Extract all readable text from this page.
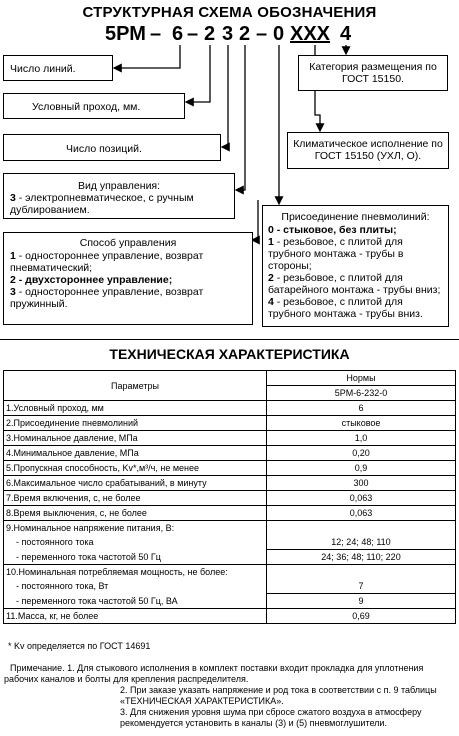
СТРУКТУРНАЯ СХЕМА ОБОЗНАЧЕНИЯ
5РМ – 6 – 2 3 2 – 0 XXX 4
Число линий.
Условный проход, мм.
Число позиций.
Вид управления:
3 - электропневматическое, с ручным дублированием.
Способ управления
1 - одностороннее управление, возврат пневматический;
2 - двухстороннее управление;
3 - одностороннее управление, возврат пружинный.
Категория размещения по ГОСТ 15150.
Климатическое исполнение по ГОСТ 15150 (УХЛ, О).
Присоединение пневмолиний:
0 - стыковое, без плиты;
1 - резьбовое, с плитой для трубного монтажа - трубы в стороны;
2 - резьбовое, с плитой для батарейного монтажа - трубы вниз;
4 - резьбовое, с плитой для трубного монтажа - трубы вниз.
ТЕХНИЧЕСКАЯ ХАРАКТЕРИСТИКА
Параметры	Нормы
	5РМ-6-232-0
1.Условный проход, мм	6
2.Присоединение пневмолиний	стыковое
3.Номинальное давление, МПа	1,0
4.Минимальное давление, МПа	0,20
5.Пропускная способность, Kv*,м³/ч, не менее	0,9
6.Максимальное число срабатываний, в минуту	300
7.Время включения, с, не более	0,063
8.Время выключения, с, не более	0,063
9.Номинальное напряжение питания, В:	
- постоянного тока	12; 24; 48; 110
- переменного тока частотой 50 Гц	24; 36; 48; 110; 220
10.Номинальная потребляемая мощность, не более:	
- постоянного тока, Вт	7
- переменного тока частотой 50 Гц, ВА	9
11.Масса, кг, не более	0,69
* Kv определяется по ГОСТ 14691
Примечание. 1. Для стыкового исполнения в комплект поставки входит прокладка для уплотнения рабочих каналов и болты для крепления распределителя.
2. При заказе указать напряжение и род тока в соответствии с п. 9 таблицы «ТЕХНИЧЕСКАЯ ХАРАКТЕРИСТИКА».
3. Для снижения уровня шума при сбросе сжатого воздуха в атмосферу рекомендуется установить в каналы (3) и (5) пневмоглушители.
